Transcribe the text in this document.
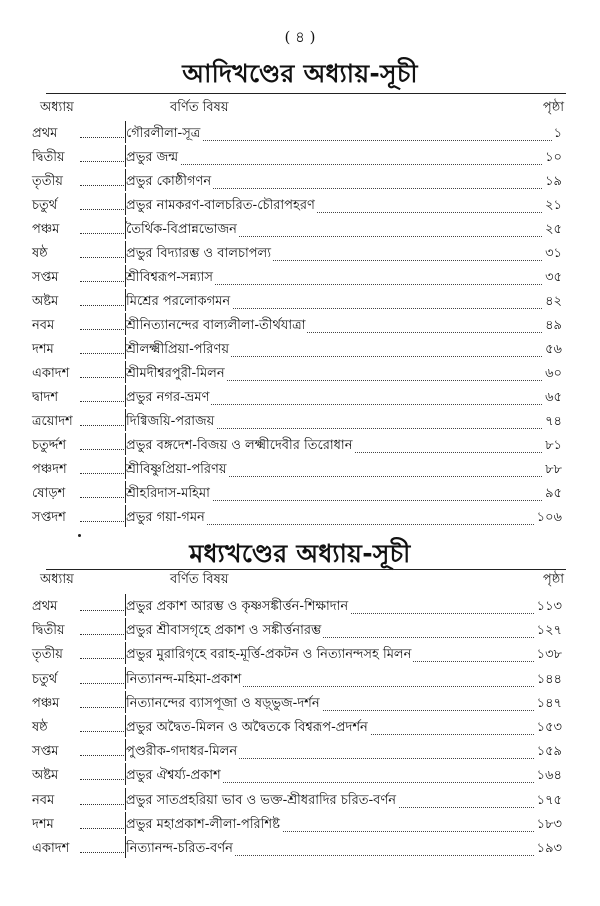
( ৪ )
আদিখণ্ডের অধ্যায়-সূচী
অধ্যায়	বর্ণিত বিষয়	পৃষ্ঠা
প্রথম	গৌরলীলা-সূত্র	১
দ্বিতীয়	প্রভুর জন্ম	১০
তৃতীয়	প্রভুর কোষ্ঠীগণন	১৯
চতুর্থ	প্রভুর নামকরণ-বালচরিত-চৌরাপহরণ	২১
পঞ্চম	তৈর্থিক-বিপ্রান্নভোজন	২৫
ষষ্ঠ	প্রভুর বিদ্যারম্ভ ও বালচাপল্য	৩১
সপ্তম	শ্রীবিশ্বরূপ-সন্ন্যাস	৩৫
অষ্টম	মিশ্রের পরলোকগমন	৪২
নবম	শ্রীনিত্যানন্দের বাল্যলীলা-তীর্থযাত্রা	৪৯
দশম	শ্রীলক্ষ্মীপ্রিয়া-পরিণয়	৫৬
একাদশ	শ্রীমদীশ্বরপুরী-মিলন	৬০
দ্বাদশ	প্রভুর নগর-ভ্রমণ	৬৫
ত্রয়োদশ	দিগ্বিজয়ি-পরাজয়	৭৪
চতুর্দ্দশ	প্রভুর বঙ্গদেশ-বিজয় ও লক্ষ্মীদেবীর তিরোধান	৮১
পঞ্চদশ	শ্রীবিষ্ণুপ্রিয়া-পরিণয়	৮৮
ষোড়শ	শ্রীহরিদাস-মহিমা	৯৫
সপ্তদশ	প্রভুর গয়া-গমন	১০৬
মধ্যখণ্ডের অধ্যায়-সূচী
অধ্যায়	বর্ণিত বিষয়	পৃষ্ঠা
প্রথম	প্রভুর প্রকাশ আরম্ভ ও কৃষ্ণসঙ্কীর্ত্তন-শিক্ষাদান	১১৩
দ্বিতীয়	প্রভুর শ্রীবাসগৃহে প্রকাশ ও সঙ্কীর্ত্তনারম্ভ	১২৭
তৃতীয়	প্রভুর মুরারিগৃহে বরাহ-মূর্ত্তি-প্রকটন ও নিত্যানন্দসহ মিলন	১৩৮
চতুর্থ	নিত্যানন্দ-মহিমা-প্রকাশ	১৪৪
পঞ্চম	নিত্যানন্দের ব্যাসপূজা ও ষড়্ভুজ-দর্শন	১৪৭
ষষ্ঠ	প্রভুর অদ্বৈত-মিলন ও অদ্বৈতকে বিশ্বরূপ-প্রদর্শন	১৫৩
সপ্তম	পুণ্ডরীক-গদাধর-মিলন	১৫৯
অষ্টম	প্রভুর ঐশ্বর্য্য-প্রকাশ	১৬৪
নবম	প্রভুর সাতপ্রহরিয়া ভাব ও ভক্ত-শ্রীধরাদির চরিত-বর্ণন	১৭৫
দশম	প্রভুর মহাপ্রকাশ-লীলা-পরিশিষ্ট	১৮৩
একাদশ	নিত্যানন্দ-চরিত-বর্ণন	১৯৩
